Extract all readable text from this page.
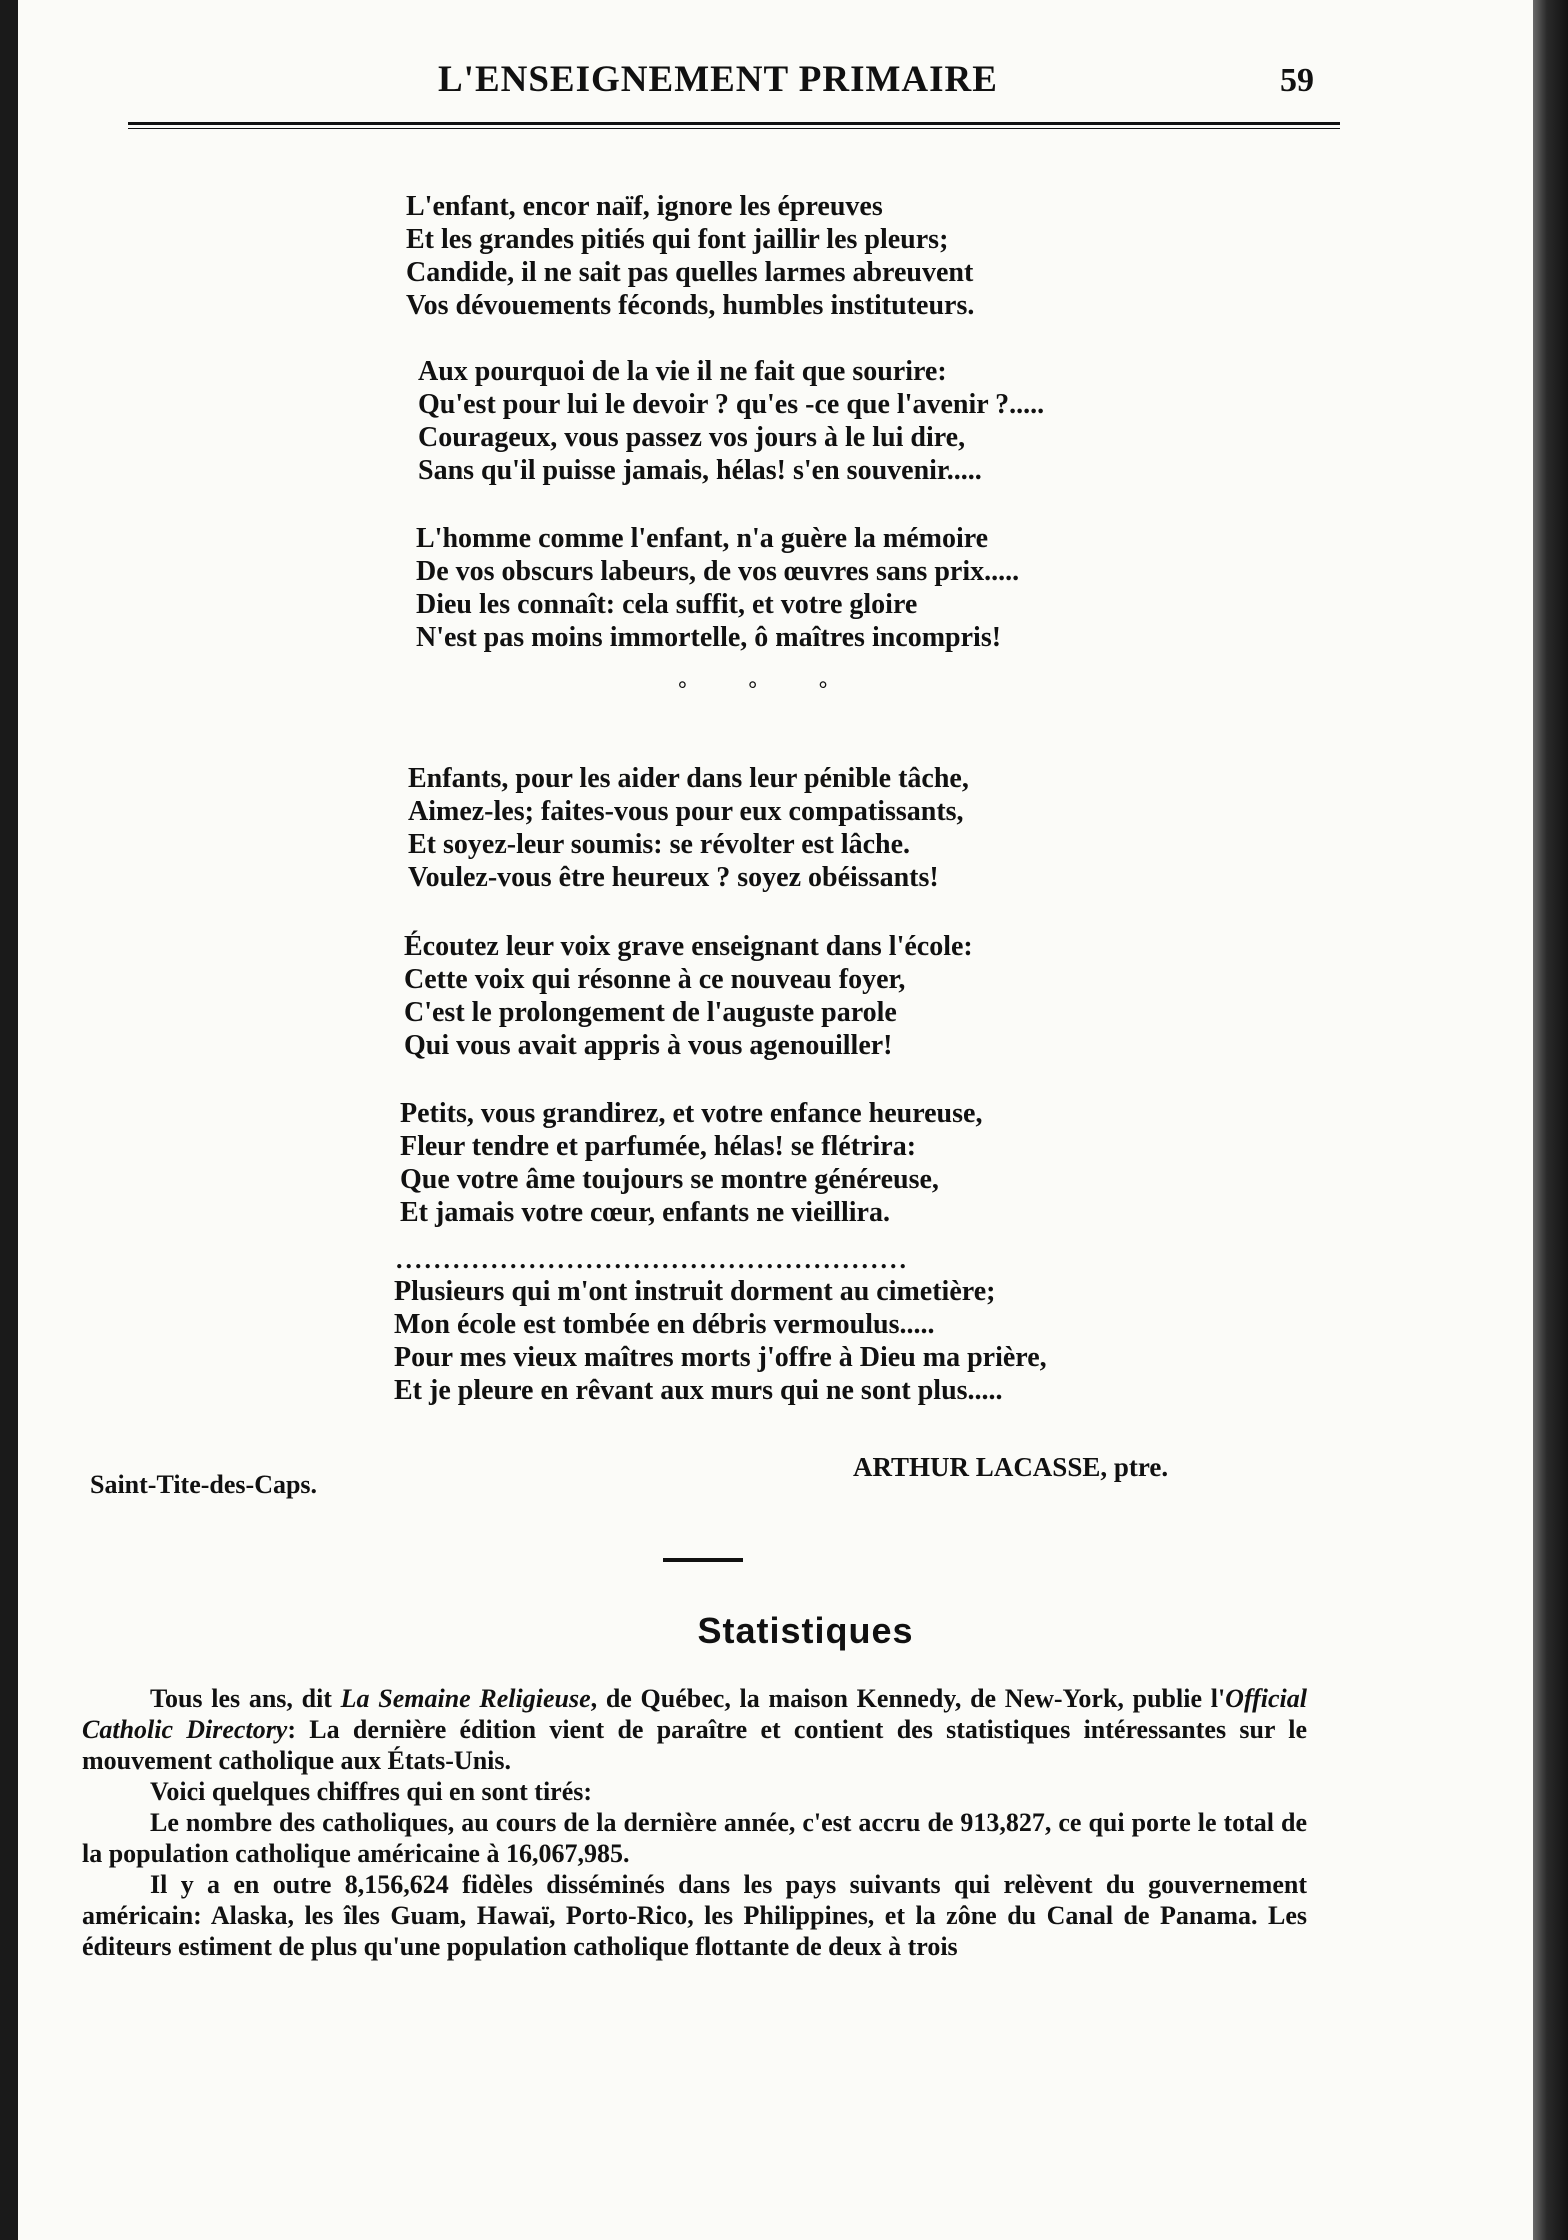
L'ENSEIGNEMENT PRIMAIRE	59
L'enfant, encor naïf, ignore les épreuves
Et les grandes pitiés qui font jaillir les pleurs;
Candide, il ne sait pas quelles larmes abreuvent
Vos dévouements féconds, humbles instituteurs.
Aux pourquoi de la vie il ne fait que sourire:
Qu'est pour lui le devoir ? qu'es -ce que l'avenir ?.....
Courageux, vous passez vos jours à le lui dire,
Sans qu'il puisse jamais, hélas! s'en souvenir.....
L'homme comme l'enfant, n'a guère la mémoire
De vos obscurs labeurs, de vos œuvres sans prix.....
Dieu les connaît: cela suffit, et votre gloire
N'est pas moins immortelle, ô maîtres incompris!
° ° °
Enfants, pour les aider dans leur pénible tâche,
Aimez-les; faites-vous pour eux compatissants,
Et soyez-leur soumis: se révolter est lâche.
Voulez-vous être heureux ? soyez obéissants!
Écoutez leur voix grave enseignant dans l'école:
Cette voix qui résonne à ce nouveau foyer,
C'est le prolongement de l'auguste parole
Qui vous avait appris à vous agenouiller!
Petits, vous grandirez, et votre enfance heureuse,
Fleur tendre et parfumée, hélas! se flétrira:
Que votre âme toujours se montre généreuse,
Et jamais votre cœur, enfants ne vieillira.
......................................................
Plusieurs qui m'ont instruit dorment au cimetière;
Mon école est tombée en débris vermoulus.....
Pour mes vieux maîtres morts j'offre à Dieu ma prière,
Et je pleure en rêvant aux murs qui ne sont plus.....
Saint-Tite-des-Caps.
ARTHUR LACASSE, ptre.
Statistiques

Tous les ans, dit La Semaine Religieuse, de Québec, la maison Kennedy, de New-York, publie l'Official Catholic Directory: La dernière édition vient de paraître et contient des statistiques intéressantes sur le mouvement catholique aux États-Unis.

Voici quelques chiffres qui en sont tirés:

Le nombre des catholiques, au cours de la dernière année, c'est accru de 913,827, ce qui porte le total de la population catholique américaine à 16,067,985.

Il y a en outre 8,156,624 fidèles disséminés dans les pays suivants qui relèvent du gouvernement américain: Alaska, les îles Guam, Hawaï, Porto-Rico, les Philippines, et la zône du Canal de Panama. Les éditeurs estiment de plus qu'une population catholique flottante de deux à trois
